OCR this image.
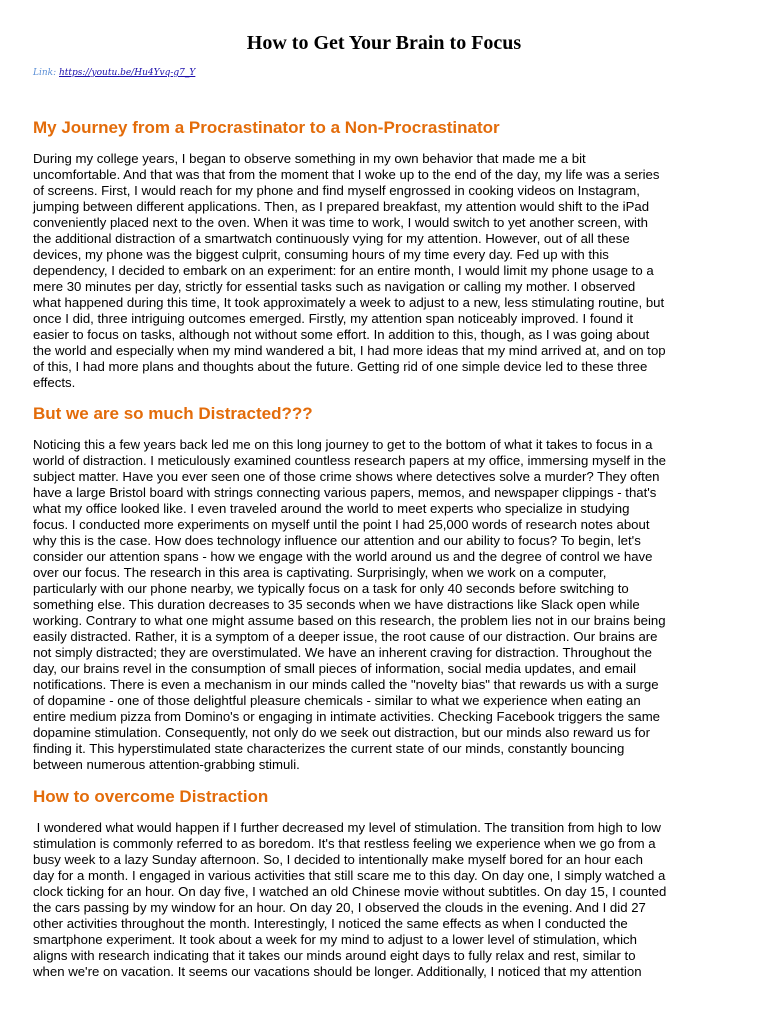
How to Get Your Brain to Focus
Link: https://youtu.be/Hu4Yvq-g7_Y
My Journey from a Procrastinator to a Non-Procrastinator
During my college years, I began to observe something in my own behavior that made me a bit
uncomfortable. And that was that from the moment that I woke up to the end of the day, my life was a series
of screens. First, I would reach for my phone and find myself engrossed in cooking videos on Instagram,
jumping between different applications. Then, as I prepared breakfast, my attention would shift to the iPad
conveniently placed next to the oven. When it was time to work, I would switch to yet another screen, with
the additional distraction of a smartwatch continuously vying for my attention. However, out of all these
devices, my phone was the biggest culprit, consuming hours of my time every day. Fed up with this
dependency, I decided to embark on an experiment: for an entire month, I would limit my phone usage to a
mere 30 minutes per day, strictly for essential tasks such as navigation or calling my mother. I observed
what happened during this time, It took approximately a week to adjust to a new, less stimulating routine, but
once I did, three intriguing outcomes emerged. Firstly, my attention span noticeably improved. I found it
easier to focus on tasks, although not without some effort. In addition to this, though, as I was going about
the world and especially when my mind wandered a bit, I had more ideas that my mind arrived at, and on top
of this, I had more plans and thoughts about the future. Getting rid of one simple device led to these three
effects.
But we are so much Distracted???
Noticing this a few years back led me on this long journey to get to the bottom of what it takes to focus in a
world of distraction. I meticulously examined countless research papers at my office, immersing myself in the
subject matter. Have you ever seen one of those crime shows where detectives solve a murder? They often
have a large Bristol board with strings connecting various papers, memos, and newspaper clippings - that's
what my office looked like. I even traveled around the world to meet experts who specialize in studying
focus. I conducted more experiments on myself until the point I had 25,000 words of research notes about
why this is the case. How does technology influence our attention and our ability to focus? To begin, let's
consider our attention spans - how we engage with the world around us and the degree of control we have
over our focus. The research in this area is captivating. Surprisingly, when we work on a computer,
particularly with our phone nearby, we typically focus on a task for only 40 seconds before switching to
something else. This duration decreases to 35 seconds when we have distractions like Slack open while
working. Contrary to what one might assume based on this research, the problem lies not in our brains being
easily distracted. Rather, it is a symptom of a deeper issue, the root cause of our distraction. Our brains are
not simply distracted; they are overstimulated. We have an inherent craving for distraction. Throughout the
day, our brains revel in the consumption of small pieces of information, social media updates, and email
notifications. There is even a mechanism in our minds called the "novelty bias" that rewards us with a surge
of dopamine - one of those delightful pleasure chemicals - similar to what we experience when eating an
entire medium pizza from Domino's or engaging in intimate activities. Checking Facebook triggers the same
dopamine stimulation. Consequently, not only do we seek out distraction, but our minds also reward us for
finding it. This hyperstimulated state characterizes the current state of our minds, constantly bouncing
between numerous attention-grabbing stimuli.
How to overcome Distraction
I wondered what would happen if I further decreased my level of stimulation. The transition from high to low
stimulation is commonly referred to as boredom. It's that restless feeling we experience when we go from a
busy week to a lazy Sunday afternoon. So, I decided to intentionally make myself bored for an hour each
day for a month. I engaged in various activities that still scare me to this day. On day one, I simply watched a
clock ticking for an hour. On day five, I watched an old Chinese movie without subtitles. On day 15, I counted
the cars passing by my window for an hour. On day 20, I observed the clouds in the evening. And I did 27
other activities throughout the month. Interestingly, I noticed the same effects as when I conducted the
smartphone experiment. It took about a week for my mind to adjust to a lower level of stimulation, which
aligns with research indicating that it takes our minds around eight days to fully relax and rest, similar to
when we're on vacation. It seems our vacations should be longer. Additionally, I noticed that my attention
